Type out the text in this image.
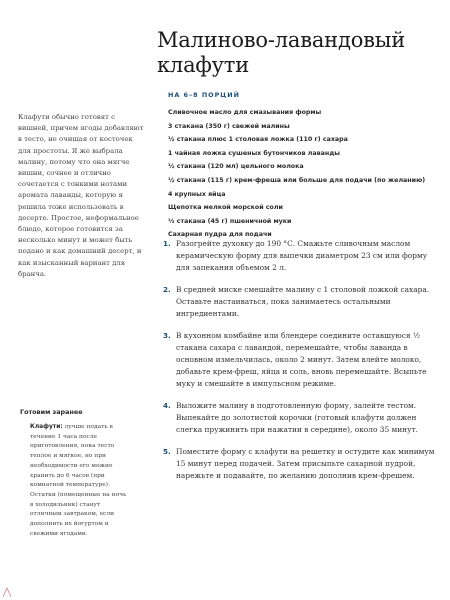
Малиново-лавандовый
клафути
НА 6–8 ПОРЦИЙ
Сливочное масло для смазывания формы
3 стакана (350 г) свежей малины
½ стакана плюс 1 столовая ложка (110 г) сахара
1 чайная ложка сушеных бутончиков лаванды
½ стакана (120 мл) цельного молока
½ стакана (115 г) крем-фреша или больше для подачи (по желанию)
4 крупных яйца
Щепотка мелкой морской соли
⅓ стакана (45 г) пшеничной муки
Сахарная пудра для подачи
1. Разогрейте духовку до 190 °С. Смажьте сливочным маслом керамическую форму для выпечки диаметром 23 см или форму для запекания объемом 2 л.
2. В средней миске смешайте малину с 1 столовой ложкой сахара. Оставьте настаиваться, пока занимаетесь остальными ингредиентами.
3. В кухонном комбайне или блендере соедините оставшуюся ½ стакана сахара с лавандой, перемешайте, чтобы лаванда в основном измельчилась, около 2 минут. Затем влейте молоко, добавьте крем-фреш, яйца и соль, вновь перемешайте. Всыпьте муку и смешайте в импульсном режиме.
4. Выложите малину в подготовленную форму, залейте тестом. Выпекайте до золотистой корочки (готовый клафути должен слегка пружинить при нажатии в середине), около 35 минут.
5. Поместите форму с клафути на решетку и остудите как минимум 15 минут перед подачей. Затем присыпьте сахарной пудрой, нарежьте и подавайте, по желанию дополнив крем-фрешем.
Клафути обычно готовят с вишней, причем ягоды добавляют в тесто, не очищая от косточек для простоты. Я же выбрала малину, потому что она мягче вишни, сочнее и отлично сочетается с тонкими нотами аромата лаванды, которую я решила тоже использовать в десерте. Простое, неформальное блюдо, которое готовится за несколько минут и может быть подано и как домашний десерт, и как изысканный вариант для бранча.
Готовим заранее
Клафути: лучше подать в течение 1 часа после приготовления, пока тесто теплое и мягкое, но при необходимости его можно хранить до 6 часов (при комнатной температуре). Остатки (помещенные на ночь в холодильник) станут отличным завтраком, если дополнить их йогуртом и свежими ягодами.
